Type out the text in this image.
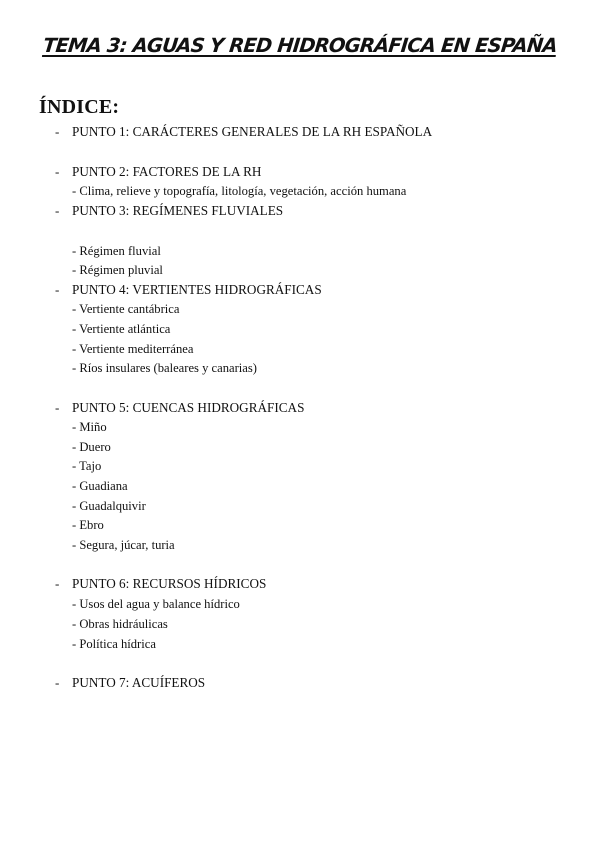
TEMA 3: AGUAS Y RED HIDROGRÁFICA EN ESPAÑA
ÍNDICE:
- PUNTO 1: CARÁCTERES GENERALES DE LA RH ESPAÑOLA
- PUNTO 2: FACTORES DE LA RH
- Clima, relieve y topografía, litología, vegetación, acción humana
- PUNTO 3: REGÍMENES FLUVIALES
- Régimen fluvial
- Régimen pluvial
- PUNTO 4: VERTIENTES HIDROGRÁFICAS
- Vertiente cantábrica
- Vertiente atlántica
- Vertiente mediterránea
- Ríos insulares (baleares y canarias)
- PUNTO 5: CUENCAS HIDROGRÁFICAS
- Miño
- Duero
- Tajo
- Guadiana
- Guadalquivir
- Ebro
- Segura, júcar, turia
- PUNTO 6: RECURSOS HÍDRICOS
- Usos del agua y balance hídrico
- Obras hidráulicas
- Política hídrica
- PUNTO 7: ACUÍFEROS
